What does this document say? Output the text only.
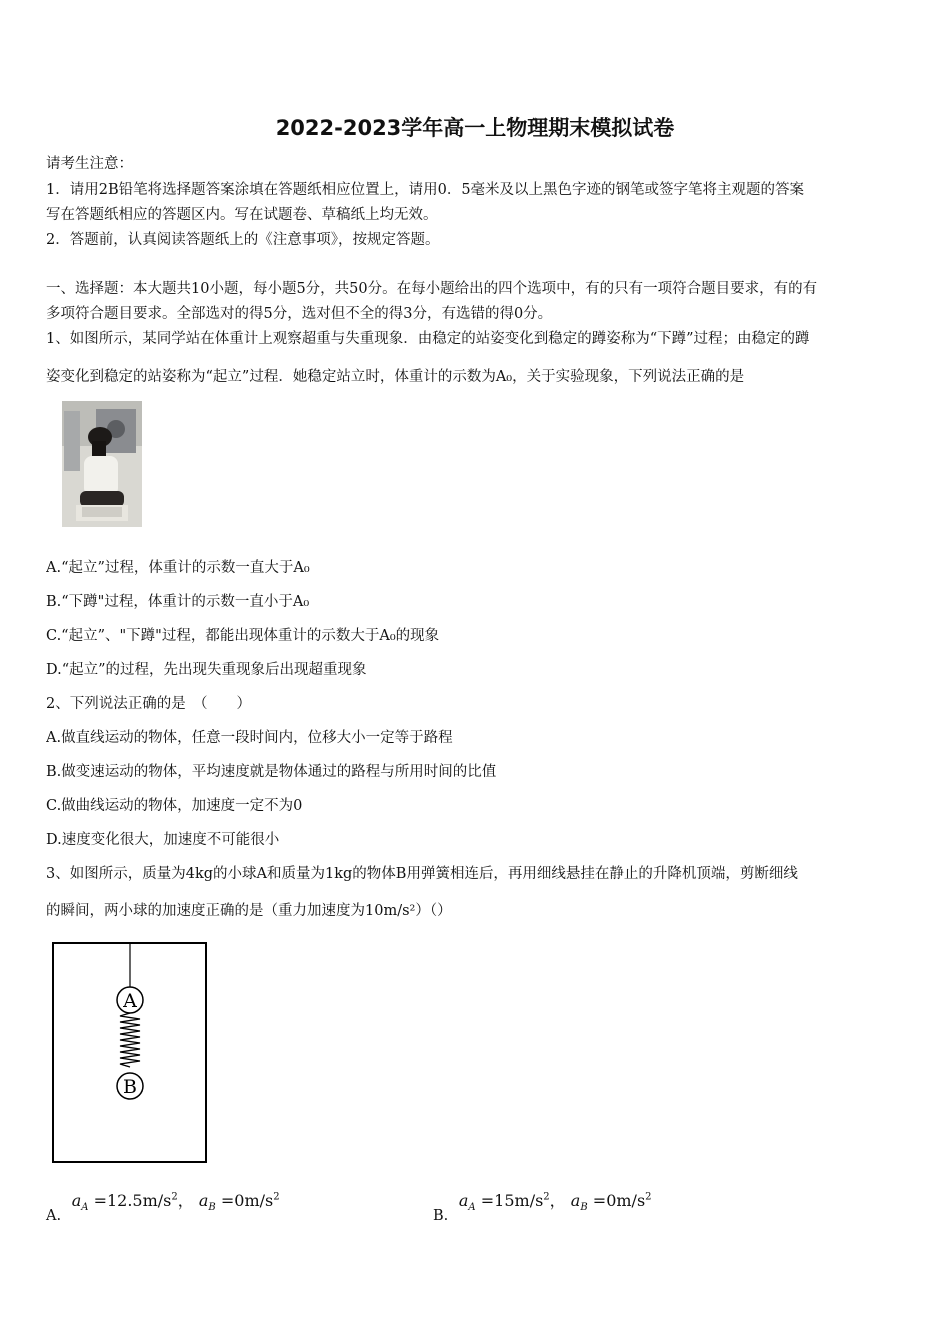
2022-2023学年高一上物理期末模拟试卷
请考生注意：
1．请用2B铅笔将选择题答案涂填在答题纸相应位置上，请用0．5毫米及以上黑色字迹的钢笔或签字笔将主观题的答案
写在答题纸相应的答题区内。写在试题卷、草稿纸上均无效。
2．答题前，认真阅读答题纸上的《注意事项》，按规定答题。
一、选择题：本大题共10小题，每小题5分，共50分。在每小题给出的四个选项中，有的只有一项符合题目要求，有的有
多项符合题目要求。全部选对的得5分，选对但不全的得3分，有选错的得0分。
1、如图所示，某同学站在体重计上观察超重与失重现象．由稳定的站姿变化到稳定的蹲姿称为“下蹲”过程；由稳定的蹲
姿变化到稳定的站姿称为“起立”过程．她稳定站立时，体重计的示数为A₀，关于实验现象，下列说法正确的是
A.“起立”过程，体重计的示数一直大于A₀
B.“下蹲"过程，体重计的示数一直小于A₀
C.“起立”、"下蹲"过程，都能出现体重计的示数大于A₀的现象
D.“起立”的过程，先出现失重现象后出现超重现象
2、下列说法正确的是　（　　）
A.做直线运动的物体，任意一段时间内，位移大小一定等于路程
B.做变速运动的物体，平均速度就是物体通过的路程与所用时间的比值
C.做曲线运动的物体，加速度一定不为0
D.速度变化很大，加速度不可能很小
3、如图所示，质量为4kg的小球A和质量为1kg的物体B用弹簧相连后，再用细线悬挂在静止的升降机顶端，剪断细线
的瞬间，两小球的加速度正确的是（重力加速度为10m/s²）（）
A
B
A. $a_A =12.5m/s^2$， $a_B =0m/s^2$
B. $a_A =15m/s^2$， $a_B =0m/s^2$
